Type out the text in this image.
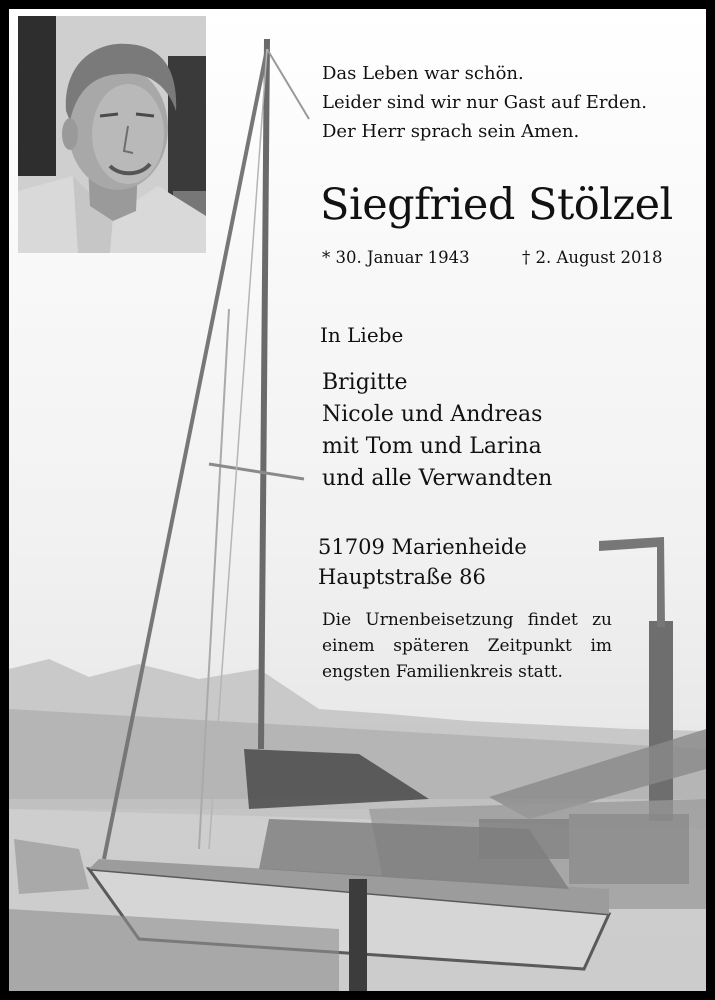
Das Leben war schön.
Leider sind wir nur Gast auf Erden.
Der Herr sprach sein Amen.
Siegfried Stölzel
* 30. Januar 1943	† 2. August 2018
In Liebe
Brigitte
Nicole und Andreas
mit Tom und Larina
und alle Verwandten
51709 Marienheide
Hauptstraße 86
Die Urnenbeisetzung findet zu
einem späteren Zeitpunkt im
engsten Familienkreis statt.
